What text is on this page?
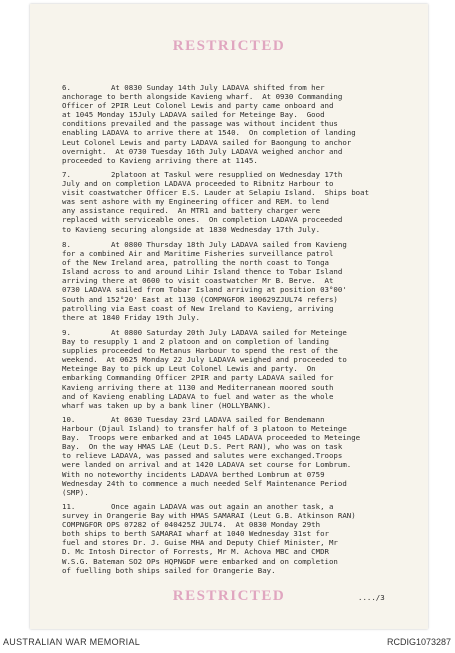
RESTRICTED
6.         At 0830 Sunday 14th July LADAVA shifted from her
anchorage to berth alongside Kavieng wharf.  At 0930 Commanding
Officer of 2PIR Leut Colonel Lewis and party came onboard and
at 1045 Monday 15July LADAVA sailed for Meteinge Bay.  Good
conditions prevailed and the passage was without incident thus
enabling LADAVA to arrive there at 1540.  On completion of landing
Leut Colonel Lewis and party LADAVA sailed for Baongung to anchor
overnight.  At 0730 Tuesday 16th July LADAVA weighed anchor and
proceeded to Kavieng arriving there at 1145.
7.         2platoon at Taskul were resupplied on Wednesday 17th
July and on completion LADAVA proceeded to Ribnitz Harbour to
visit coastwatcher Officer E.S. Lauder at Selapiu Island.  Ships boat
was sent ashore with my Engineering officer and REM. to lend
any assistance required.  An MTR1 and battery charger were
replaced with serviceable ones.  On completion LADAVA proceeded
to Kavieng securing alongside at 1830 Wednesday 17th July.
8.         At 0800 Thursday 18th July LADAVA sailed from Kavieng
for a combined Air and Maritime Fisheries surveillance patrol
of the New Ireland area, patrolling the north coast to Tonga
Island across to and around Lihir Island thence to Tobar Island
arriving there at 0600 to visit coastwatcher Mr B. Berve.  At
0730 LADAVA sailed from Tobar Island arriving at position 03°00'
South and 152°20' East at 1130 (COMPNGFOR 100629ZJUL74 refers)
patrolling via East coast of New Ireland to Kavieng, arriving
there at 1840 Friday 19th July.
9.         At 0800 Saturday 20th July LADAVA sailed for Meteinge
Bay to resupply 1 and 2 platoon and on completion of landing
supplies proceeded to Metanus Harbour to spend the rest of the
weekend.  At 0625 Monday 22 July LADAVA weighed and proceeded to
Meteinge Bay to pick up Leut Colonel Lewis and party.  On
embarking Commanding Officer 2PIR and party LADAVA sailed for
Kavieng arriving there at 1130 and Mediterranean moored south
and of Kavieng enabling LADAVA to fuel and water as the whole
wharf was taken up by a bank liner (HOLLYBANK).
10.        At 0630 Tuesday 23rd LADAVA sailed for Bendemann
Harbour (Djaul Island) to transfer half of 3 platoon to Meteinge
Bay.  Troops were embarked and at 1045 LADAVA proceeded to Meteinge
Bay.  On the way HMAS LAE (Leut D.S. Pert RAN), who was on task
to relieve LADAVA, was passed and salutes were exchanged.Troops
were landed on arrival and at 1420 LADAVA set course for Lombrum.
With no noteworthy incidents LADAVA berthed Lombrum at 0759
Wednesday 24th to commence a much needed Self Maintenance Period
(SMP).
11.        Once again LADAVA was out again an another task, a
survey in Orangerie Bay with HMAS SAMARAI (Leut G.B. Atkinson RAN)
COMPNGFOR OPS 07282 of 040425Z JUL74.  At 0830 Monday 29th
both ships to berth SAMARAI wharf at 1040 Wednesday 31st for
fuel and stores Dr. J. Guise MHA and Deputy Chief Minister, Mr
D. Mc Intosh Director of Forrests, Mr M. Achova MBC and CMDR
W.S.G. Bateman SO2 OPs HQPNGDF were embarked and on completion
of fuelling both ships sailed for Orangerie Bay.
RESTRICTED	..../3
AUSTRALIAN WAR MEMORIAL	RCDIG1073287
